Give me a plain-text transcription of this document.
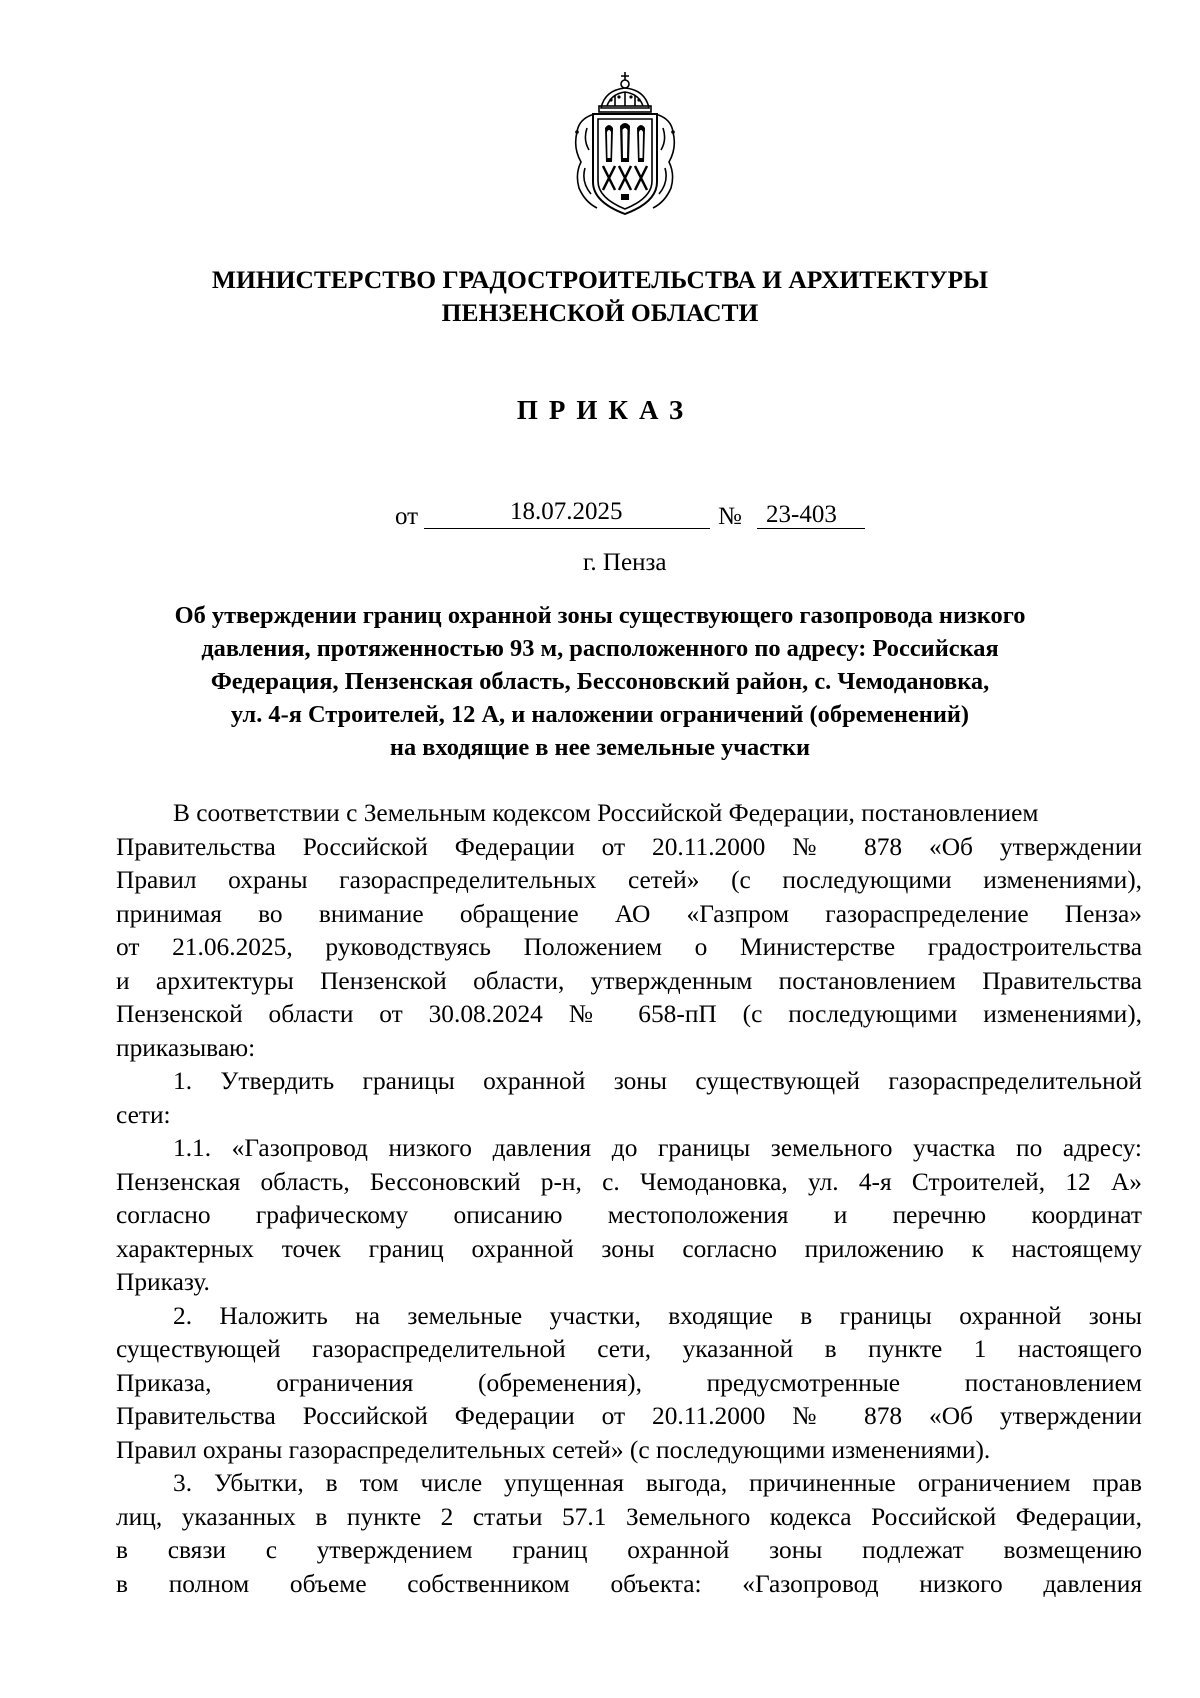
МИНИСТЕРСТВО ГРАДОСТРОИТЕЛЬСТВА И АРХИТЕКТУРЫ
ПЕНЗЕНСКОЙ ОБЛАСТИ
ПРИКАЗ
от	18.07.2025	№ 23-403
г. Пенза
Об утверждении границ охранной зоны существующего газопровода низкого
давления, протяженностью 93 м, расположенного по адресу: Российская
Федерация, Пензенская область, Бессоновский район, с. Чемодановка,
ул. 4-я Строителей, 12 А, и наложении ограничений (обременений)
на входящие в нее земельные участки
В соответствии с Земельным кодексом Российской Федерации, постановлением
Правительства Российской Федерации от 20.11.2000 № 878 «Об утверждении
Правил охраны газораспределительных сетей» (с последующими изменениями),
принимая во внимание обращение АО «Газпром газораспределение Пенза»
от 21.06.2025, руководствуясь Положением о Министерстве градостроительства
и архитектуры Пензенской области, утвержденным постановлением Правительства
Пензенской области от 30.08.2024 № 658-пП (с последующими изменениями),
приказываю:
1. Утвердить границы охранной зоны существующей газораспределительной
сети:
1.1. «Газопровод низкого давления до границы земельного участка по адресу:
Пензенская область, Бессоновский р-н, с. Чемодановка, ул. 4-я Строителей, 12 А»
согласно графическому описанию местоположения и перечню координат
характерных точек границ охранной зоны согласно приложению к настоящему
Приказу.
2. Наложить на земельные участки, входящие в границы охранной зоны
существующей газораспределительной сети, указанной в пункте 1 настоящего
Приказа, ограничения (обременения), предусмотренные постановлением
Правительства Российской Федерации от 20.11.2000 № 878 «Об утверждении
Правил охраны газораспределительных сетей» (с последующими изменениями).
3. Убытки, в том числе упущенная выгода, причиненные ограничением прав
лиц, указанных в пункте 2 статьи 57.1 Земельного кодекса Российской Федерации,
в связи с утверждением границ охранной зоны подлежат возмещению
в полном объеме собственником объекта: «Газопровод низкого давления
